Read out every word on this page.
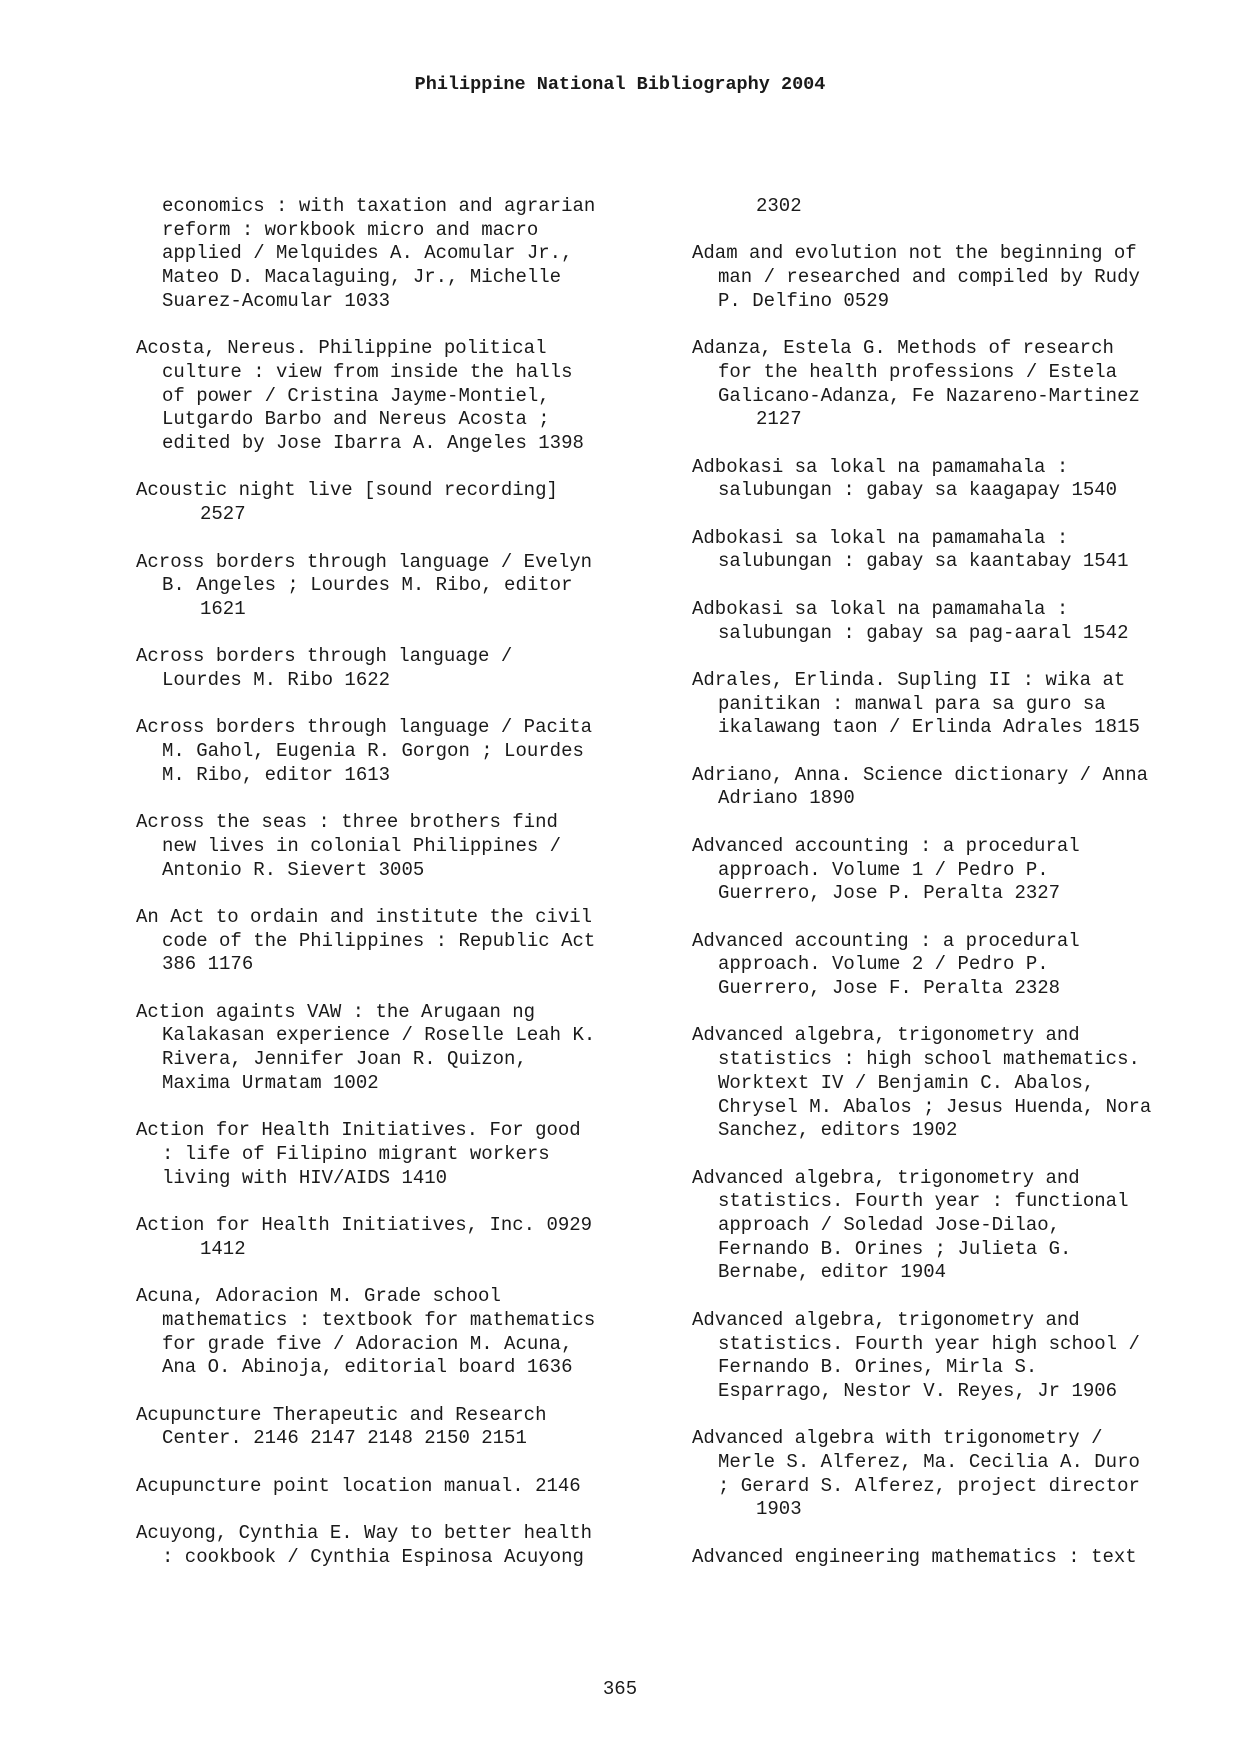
Philippine National Bibliography 2004
economics : with taxation and agrarian
reform : workbook micro and macro
applied / Melquides A. Acomular Jr.,
Mateo D. Macalaguing, Jr., Michelle
Suarez-Acomular 1033
Acosta, Nereus. Philippine political
culture : view from inside the halls
of power / Cristina Jayme-Montiel,
Lutgardo Barbo and Nereus Acosta ;
edited by Jose Ibarra A. Angeles 1398
Acoustic night live [sound recording]
2527
Across borders through language / Evelyn
B. Angeles ; Lourdes M. Ribo, editor
1621
Across borders through language /
Lourdes M. Ribo 1622
Across borders through language / Pacita
M. Gahol, Eugenia R. Gorgon ; Lourdes
M. Ribo, editor 1613
Across the seas : three brothers find
new lives in colonial Philippines /
Antonio R. Sievert 3005
An Act to ordain and institute the civil
code of the Philippines : Republic Act
386 1176
Action againts VAW : the Arugaan ng
Kalakasan experience / Roselle Leah K.
Rivera, Jennifer Joan R. Quizon,
Maxima Urmatam 1002
Action for Health Initiatives. For good
: life of Filipino migrant workers
living with HIV/AIDS 1410
Action for Health Initiatives, Inc. 0929
1412
Acuna, Adoracion M. Grade school
mathematics : textbook for mathematics
for grade five / Adoracion M. Acuna,
Ana O. Abinoja, editorial board 1636
Acupuncture Therapeutic and Research
Center. 2146 2147 2148 2150 2151
Acupuncture point location manual. 2146
Acuyong, Cynthia E. Way to better health
: cookbook / Cynthia Espinosa Acuyong
2302
Adam and evolution not the beginning of
man / researched and compiled by Rudy
P. Delfino 0529
Adanza, Estela G. Methods of research
for the health professions / Estela
Galicano-Adanza, Fe Nazareno-Martinez
2127
Adbokasi sa lokal na pamamahala :
salubungan : gabay sa kaagapay 1540
Adbokasi sa lokal na pamamahala :
salubungan : gabay sa kaantabay 1541
Adbokasi sa lokal na pamamahala :
salubungan : gabay sa pag-aaral 1542
Adrales, Erlinda. Supling II : wika at
panitikan : manwal para sa guro sa
ikalawang taon / Erlinda Adrales 1815
Adriano, Anna. Science dictionary / Anna
Adriano 1890
Advanced accounting : a procedural
approach. Volume 1 / Pedro P.
Guerrero, Jose P. Peralta 2327
Advanced accounting : a procedural
approach. Volume 2 / Pedro P.
Guerrero, Jose F. Peralta 2328
Advanced algebra, trigonometry and
statistics : high school mathematics.
Worktext IV / Benjamin C. Abalos,
Chrysel M. Abalos ; Jesus Huenda, Nora
Sanchez, editors 1902
Advanced algebra, trigonometry and
statistics. Fourth year : functional
approach / Soledad Jose-Dilao,
Fernando B. Orines ; Julieta G.
Bernabe, editor 1904
Advanced algebra, trigonometry and
statistics. Fourth year high school /
Fernando B. Orines, Mirla S.
Esparrago, Nestor V. Reyes, Jr 1906
Advanced algebra with trigonometry /
Merle S. Alferez, Ma. Cecilia A. Duro
; Gerard S. Alferez, project director
1903
Advanced engineering mathematics : text
365
